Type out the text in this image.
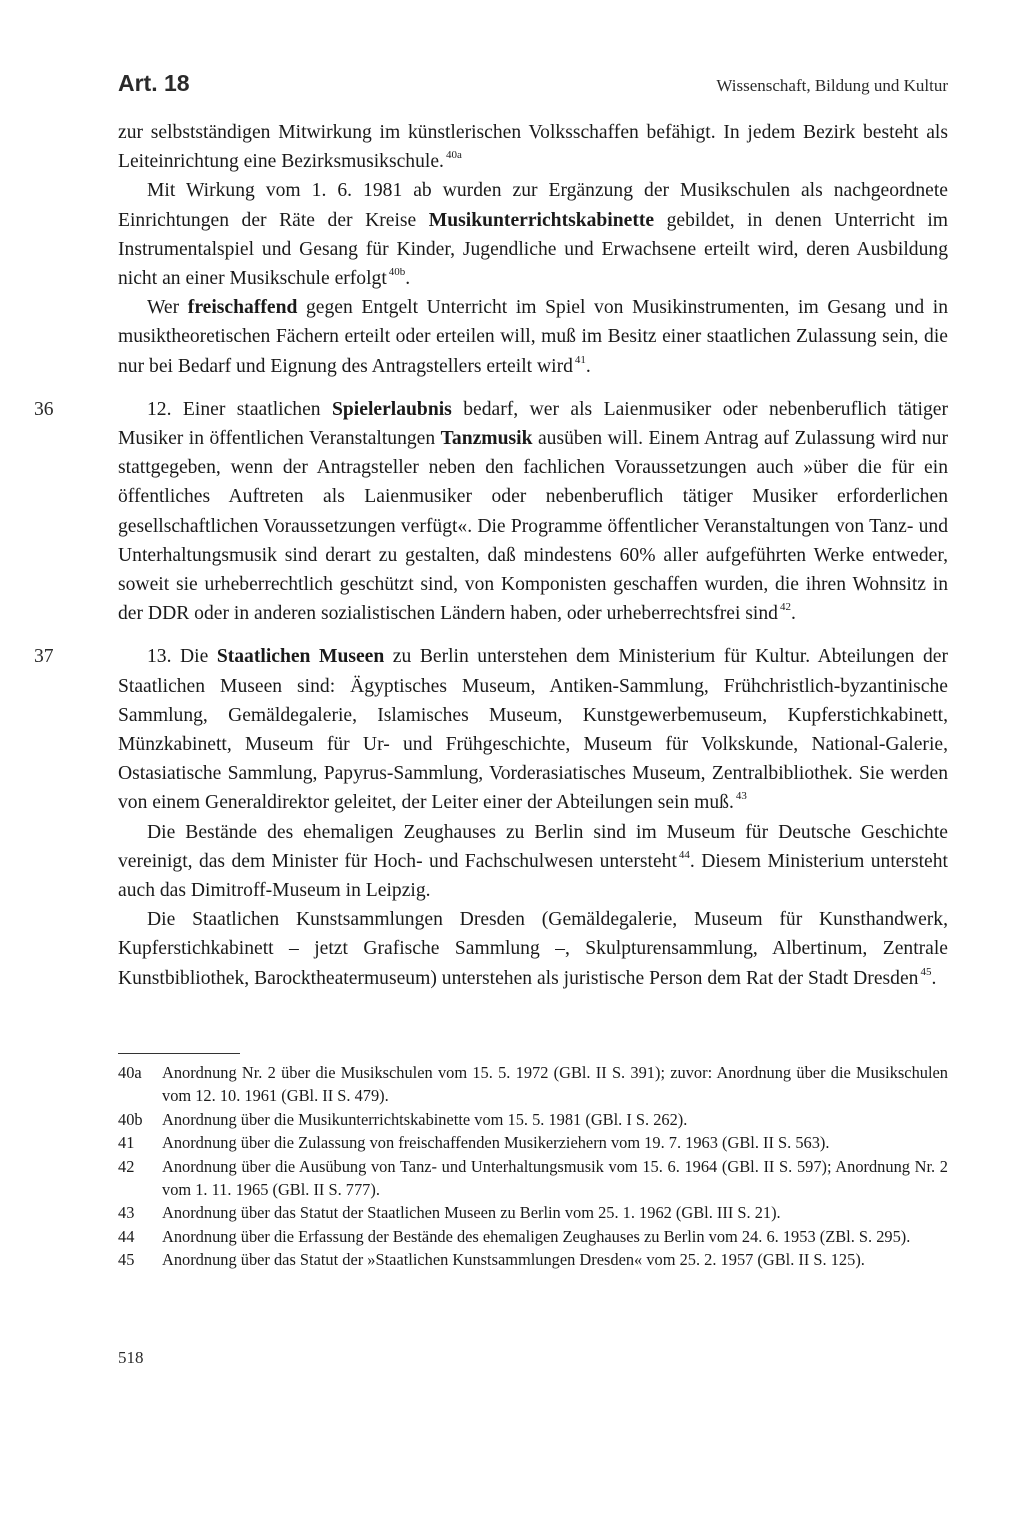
Art. 18	Wissenschaft, Bildung und Kultur

zur selbstständigen Mitwirkung im künstlerischen Volksschaffen befähigt. In jedem Bezirk besteht als Leiteinrichtung eine Bezirksmusikschule. $^{40a}$

Mit Wirkung vom 1. 6. 1981 ab wurden zur Ergänzung der Musikschulen als nachgeordnete Einrichtungen der Räte der Kreise Musikunterrichtskabinette gebildet, in denen Unterricht im Instrumentalspiel und Gesang für Kinder, Jugendliche und Erwachsene erteilt wird, deren Ausbildung nicht an einer Musikschule erfolgt $^{40b}$.

Wer freischaffend gegen Entgelt Unterricht im Spiel von Musikinstrumenten, im Gesang und in musiktheoretischen Fächern erteilt oder erteilen will, muß im Besitz einer staatlichen Zulassung sein, die nur bei Bedarf und Eignung des Antragstellers erteilt wird $^{41}$.

36	12. Einer staatlichen Spielerlaubnis bedarf, wer als Laienmusiker oder nebenberuflich tätiger Musiker in öffentlichen Veranstaltungen Tanzmusik ausüben will. Einem Antrag auf Zulassung wird nur stattgegeben, wenn der Antragsteller neben den fachlichen Voraussetzungen auch »über die für ein öffentliches Auftreten als Laienmusiker oder nebenberuflich tätiger Musiker erforderlichen gesellschaftlichen Voraussetzungen verfügt«. Die Programme öffentlicher Veranstaltungen von Tanz- und Unterhaltungsmusik sind derart zu gestalten, daß mindestens 60% aller aufgeführten Werke entweder, soweit sie urheberrechtlich geschützt sind, von Komponisten geschaffen wurden, die ihren Wohnsitz in der DDR oder in anderen sozialistischen Ländern haben, oder urheberrechtsfrei sind $^{42}$.

37	13. Die Staatlichen Museen zu Berlin unterstehen dem Ministerium für Kultur. Abteilungen der Staatlichen Museen sind: Ägyptisches Museum, Antiken-Sammlung, Frühchristlich-byzantinische Sammlung, Gemäldegalerie, Islamisches Museum, Kunstgewerbemuseum, Kupferstichkabinett, Münzkabinett, Museum für Ur- und Frühgeschichte, Museum für Volkskunde, National-Galerie, Ostasiatische Sammlung, Papyrus-Sammlung, Vorderasiatisches Museum, Zentralbibliothek. Sie werden von einem Generaldirektor geleitet, der Leiter einer der Abteilungen sein muß. $^{43}$

Die Bestände des ehemaligen Zeughauses zu Berlin sind im Museum für Deutsche Geschichte vereinigt, das dem Minister für Hoch- und Fachschulwesen untersteht $^{44}$. Diesem Ministerium untersteht auch das Dimitroff-Museum in Leipzig.

Die Staatlichen Kunstsammlungen Dresden (Gemäldegalerie, Museum für Kunsthandwerk, Kupferstichkabinett – jetzt Grafische Sammlung –, Skulpturensammlung, Albertinum, Zentrale Kunstbibliothek, Barocktheatermuseum) unterstehen als juristische Person dem Rat der Stadt Dresden $^{45}$.

40a	Anordnung Nr. 2 über die Musikschulen vom 15. 5. 1972 (GBl. II S. 391); zuvor: Anordnung über die Musikschulen vom 12. 10. 1961 (GBl. II S. 479).
40b	Anordnung über die Musikunterrichtskabinette vom 15. 5. 1981 (GBl. I S. 262).
41	Anordnung über die Zulassung von freischaffenden Musikerziehern vom 19. 7. 1963 (GBl. II S. 563).
42	Anordnung über die Ausübung von Tanz- und Unterhaltungsmusik vom 15. 6. 1964 (GBl. II S. 597); Anordnung Nr. 2 vom 1. 11. 1965 (GBl. II S. 777).
43	Anordnung über das Statut der Staatlichen Museen zu Berlin vom 25. 1. 1962 (GBl. III S. 21).
44	Anordnung über die Erfassung der Bestände des ehemaligen Zeughauses zu Berlin vom 24. 6. 1953 (ZBl. S. 295).
45	Anordnung über das Statut der »Staatlichen Kunstsammlungen Dresden« vom 25. 2. 1957 (GBl. II S. 125).
518
